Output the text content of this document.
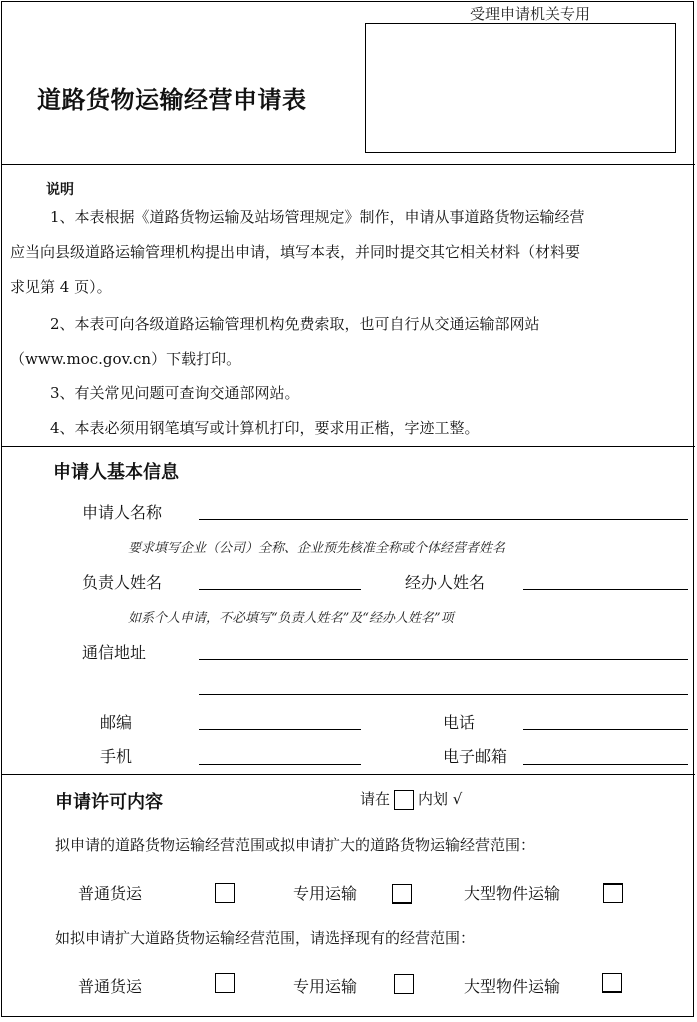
受理申请机关专用
道路货物运输经营申请表
说明
1、本表根据《道路货物运输及站场管理规定》制作，申请从事道路货物运输经营
应当向县级道路运输管理机构提出申请，填写本表，并同时提交其它相关材料（材料要
求见第 4 页）。
2、本表可向各级道路运输管理机构免费索取，也可自行从交通运输部网站
（www.moc.gov.cn）下载打印。
3、有关常见问题可查询交通部网站。
4、本表必须用钢笔填写或计算机打印，要求用正楷，字迹工整。
申请人基本信息
申请人名称
要求填写企业（公司）全称、企业预先核准全称或个体经营者姓名
负责人姓名	经办人姓名
如系个人申请，不必填写“负责人姓名”及“经办人姓名”项
通信地址
邮编	电话
手机	电子邮箱
申请许可内容	请在 内划 √
拟申请的道路货物运输经营范围或拟申请扩大的道路货物运输经营范围：
普通货运	专用运输	大型物件运输
如拟申请扩大道路货物运输经营范围，请选择现有的经营范围：
普通货运	专用运输	大型物件运输
